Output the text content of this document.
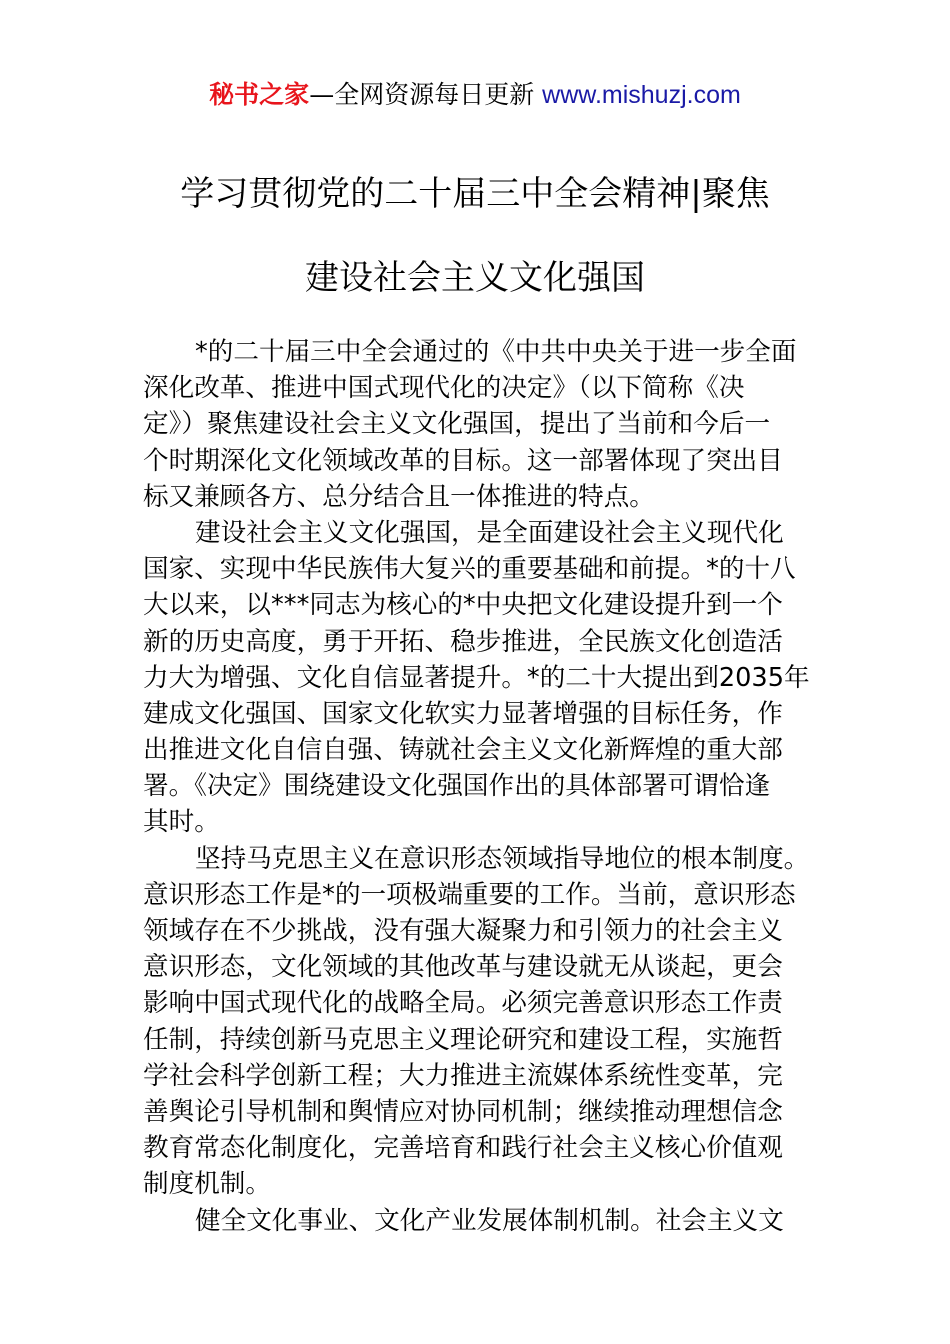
秘书之家—全网资源每日更新 www.mishuzj.com
学习贯彻党的二十届三中全会精神|聚焦
建设社会主义文化强国
*的二十届三中全会通过的《中共中央关于进一步全面
深化改革、推进中国式现代化的决定》（以下简称《决
定》）聚焦建设社会主义文化强国，提出了当前和今后一
个时期深化文化领域改革的目标。这一部署体现了突出目
标又兼顾各方、总分结合且一体推进的特点。
建设社会主义文化强国，是全面建设社会主义现代化
国家、实现中华民族伟大复兴的重要基础和前提。*的十八
大以来，以***同志为核心的*中央把文化建设提升到一个
新的历史高度，勇于开拓、稳步推进，全民族文化创造活
力大为增强、文化自信显著提升。*的二十大提出到2035年
建成文化强国、国家文化软实力显著增强的目标任务，作
出推进文化自信自强、铸就社会主义文化新辉煌的重大部
署。《决定》围绕建设文化强国作出的具体部署可谓恰逢
其时。
坚持马克思主义在意识形态领域指导地位的根本制度。
意识形态工作是*的一项极端重要的工作。当前，意识形态
领域存在不少挑战，没有强大凝聚力和引领力的社会主义
意识形态，文化领域的其他改革与建设就无从谈起，更会
影响中国式现代化的战略全局。必须完善意识形态工作责
任制，持续创新马克思主义理论研究和建设工程，实施哲
学社会科学创新工程；大力推进主流媒体系统性变革，完
善舆论引导机制和舆情应对协同机制；继续推动理想信念
教育常态化制度化，完善培育和践行社会主义核心价值观
制度机制。
健全文化事业、文化产业发展体制机制。社会主义文
